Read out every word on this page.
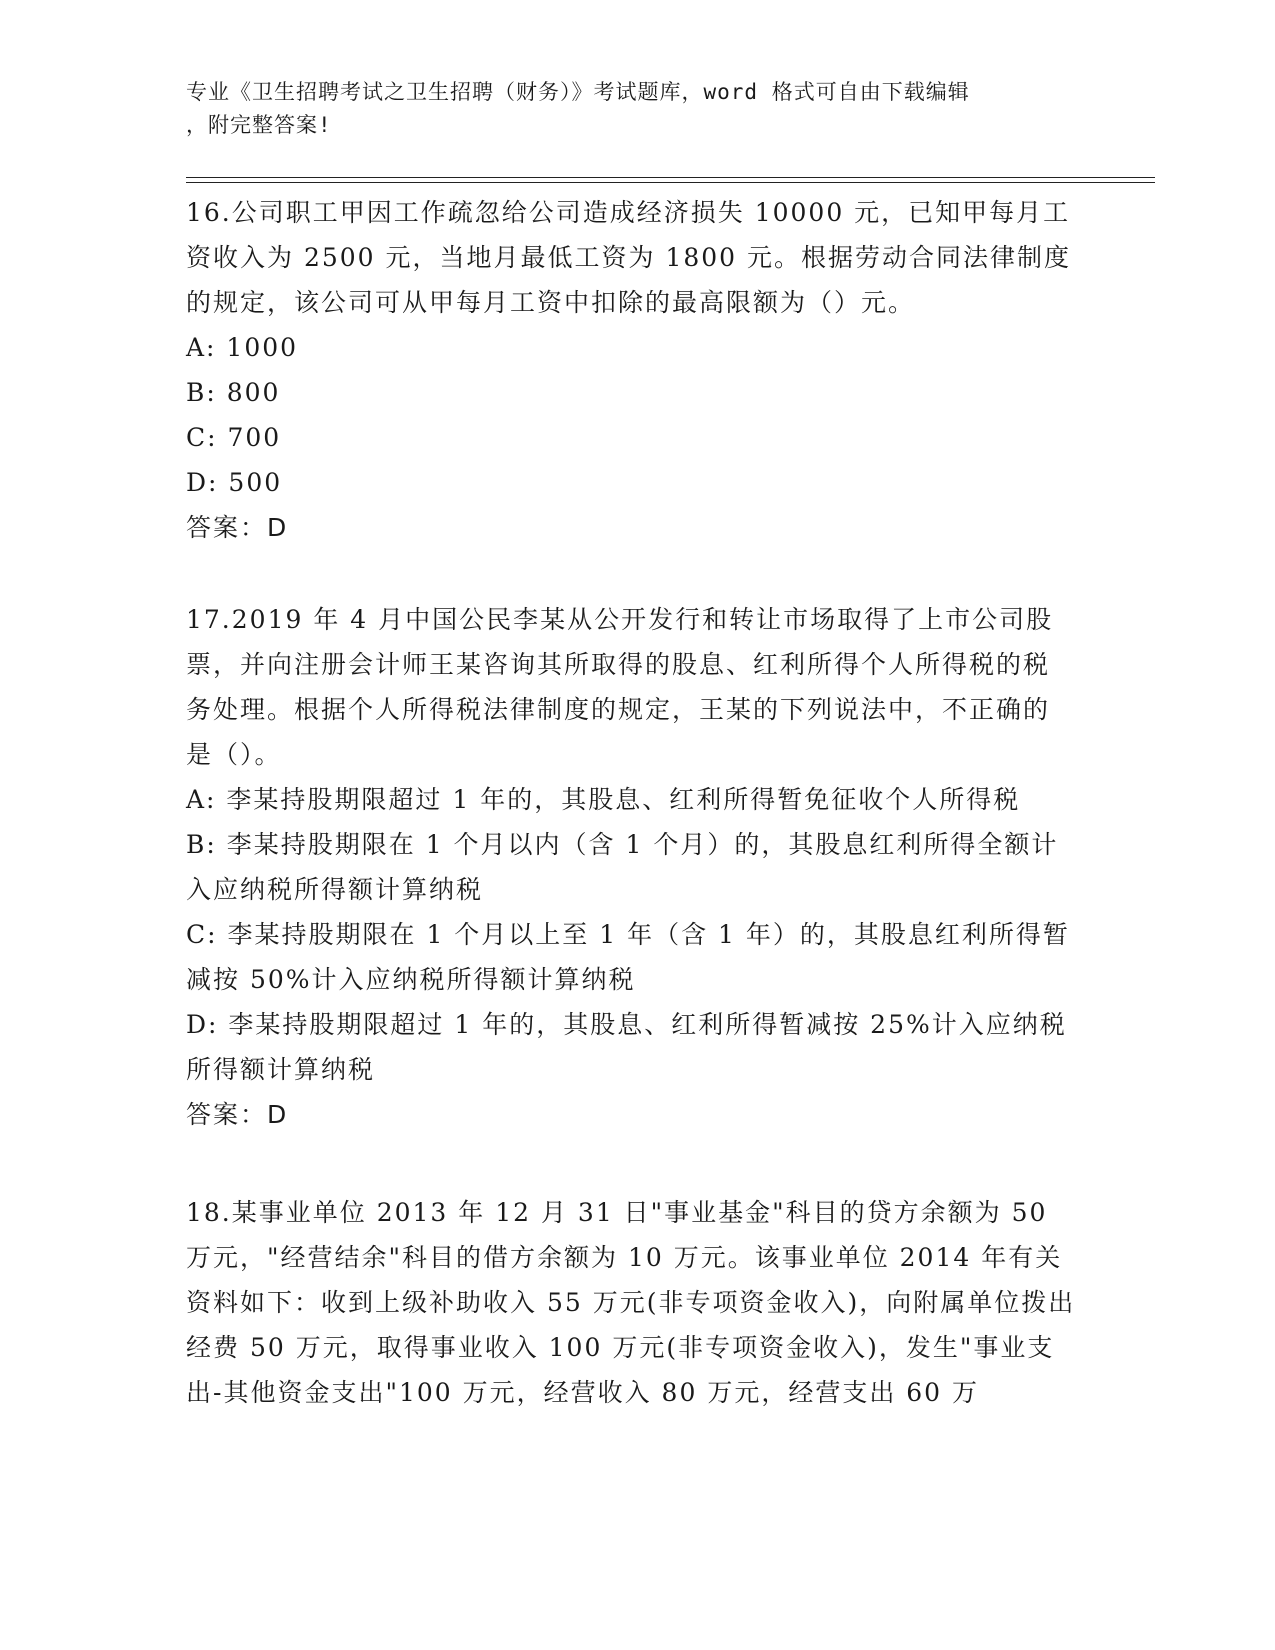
专业《卫生招聘考试之卫生招聘（财务）》考试题库，word 格式可自由下载编辑
，附完整答案!

16.公司职工甲因工作疏忽给公司造成经济损失 10000 元，已知甲每月工资收入为 2500 元，当地月最低工资为 1800 元。根据劳动合同法律制度的规定，该公司可从甲每月工资中扣除的最高限额为（）元。

A: 1000

B: 800

C: 700

D: 500

答案：D

17.2019 年 4 月中国公民李某从公开发行和转让市场取得了上市公司股票，并向注册会计师王某咨询其所取得的股息、红利所得个人所得税的税务处理。根据个人所得税法律制度的规定，王某的下列说法中，不正确的是（）。

A: 李某持股期限超过 1 年的，其股息、红利所得暂免征收个人所得税

B: 李某持股期限在 1 个月以内（含 1 个月）的，其股息红利所得全额计入应纳税所得额计算纳税

C: 李某持股期限在 1 个月以上至 1 年（含 1 年）的，其股息红利所得暂减按 50%计入应纳税所得额计算纳税

D: 李某持股期限超过 1 年的，其股息、红利所得暂减按 25%计入应纳税所得额计算纳税

答案：D

18.某事业单位 2013 年 12 月 31 日"事业基金"科目的贷方余额为 50 万元，"经营结余"科目的借方余额为 10 万元。该事业单位 2014 年有关资料如下：收到上级补助收入 55 万元(非专项资金收入)，向附属单位拨出经费 50 万元，取得事业收入 100 万元(非专项资金收入)，发生"事业支出-其他资金支出"100 万元，经营收入 80 万元，经营支出 60 万
